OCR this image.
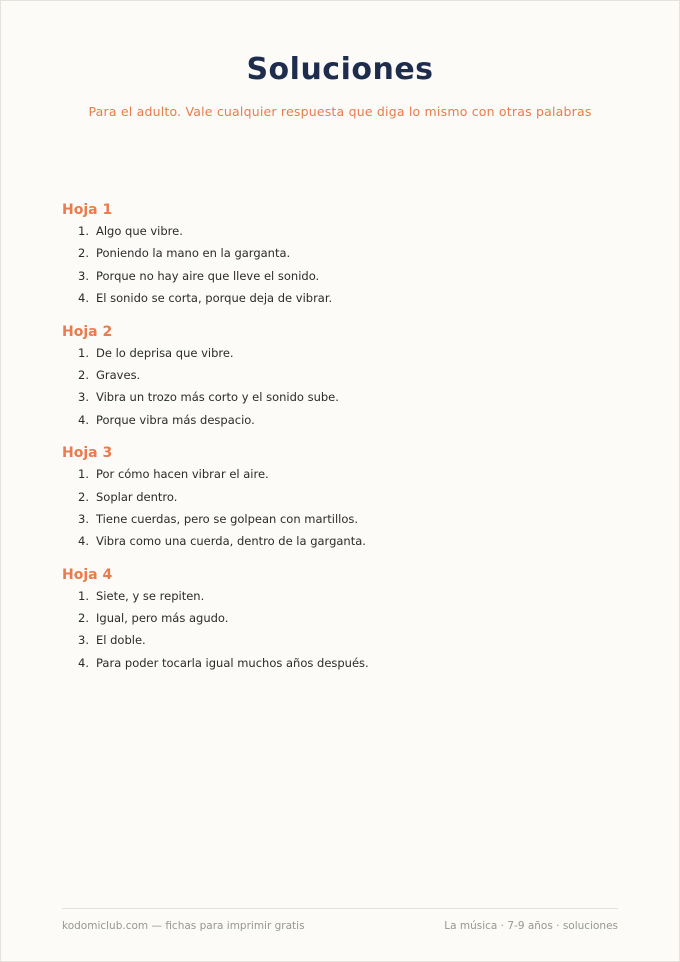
Soluciones
Para el adulto. Vale cualquier respuesta que diga lo mismo con otras palabras
Hoja 1
1. Algo que vibre.
2. Poniendo la mano en la garganta.
3. Porque no hay aire que lleve el sonido.
4. El sonido se corta, porque deja de vibrar.
Hoja 2
1. De lo deprisa que vibre.
2. Graves.
3. Vibra un trozo más corto y el sonido sube.
4. Porque vibra más despacio.
Hoja 3
1. Por cómo hacen vibrar el aire.
2. Soplar dentro.
3. Tiene cuerdas, pero se golpean con martillos.
4. Vibra como una cuerda, dentro de la garganta.
Hoja 4
1. Siete, y se repiten.
2. Igual, pero más agudo.
3. El doble.
4. Para poder tocarla igual muchos años después.
kodomiclub.com — fichas para imprimir gratis	La música · 7-9 años · soluciones
